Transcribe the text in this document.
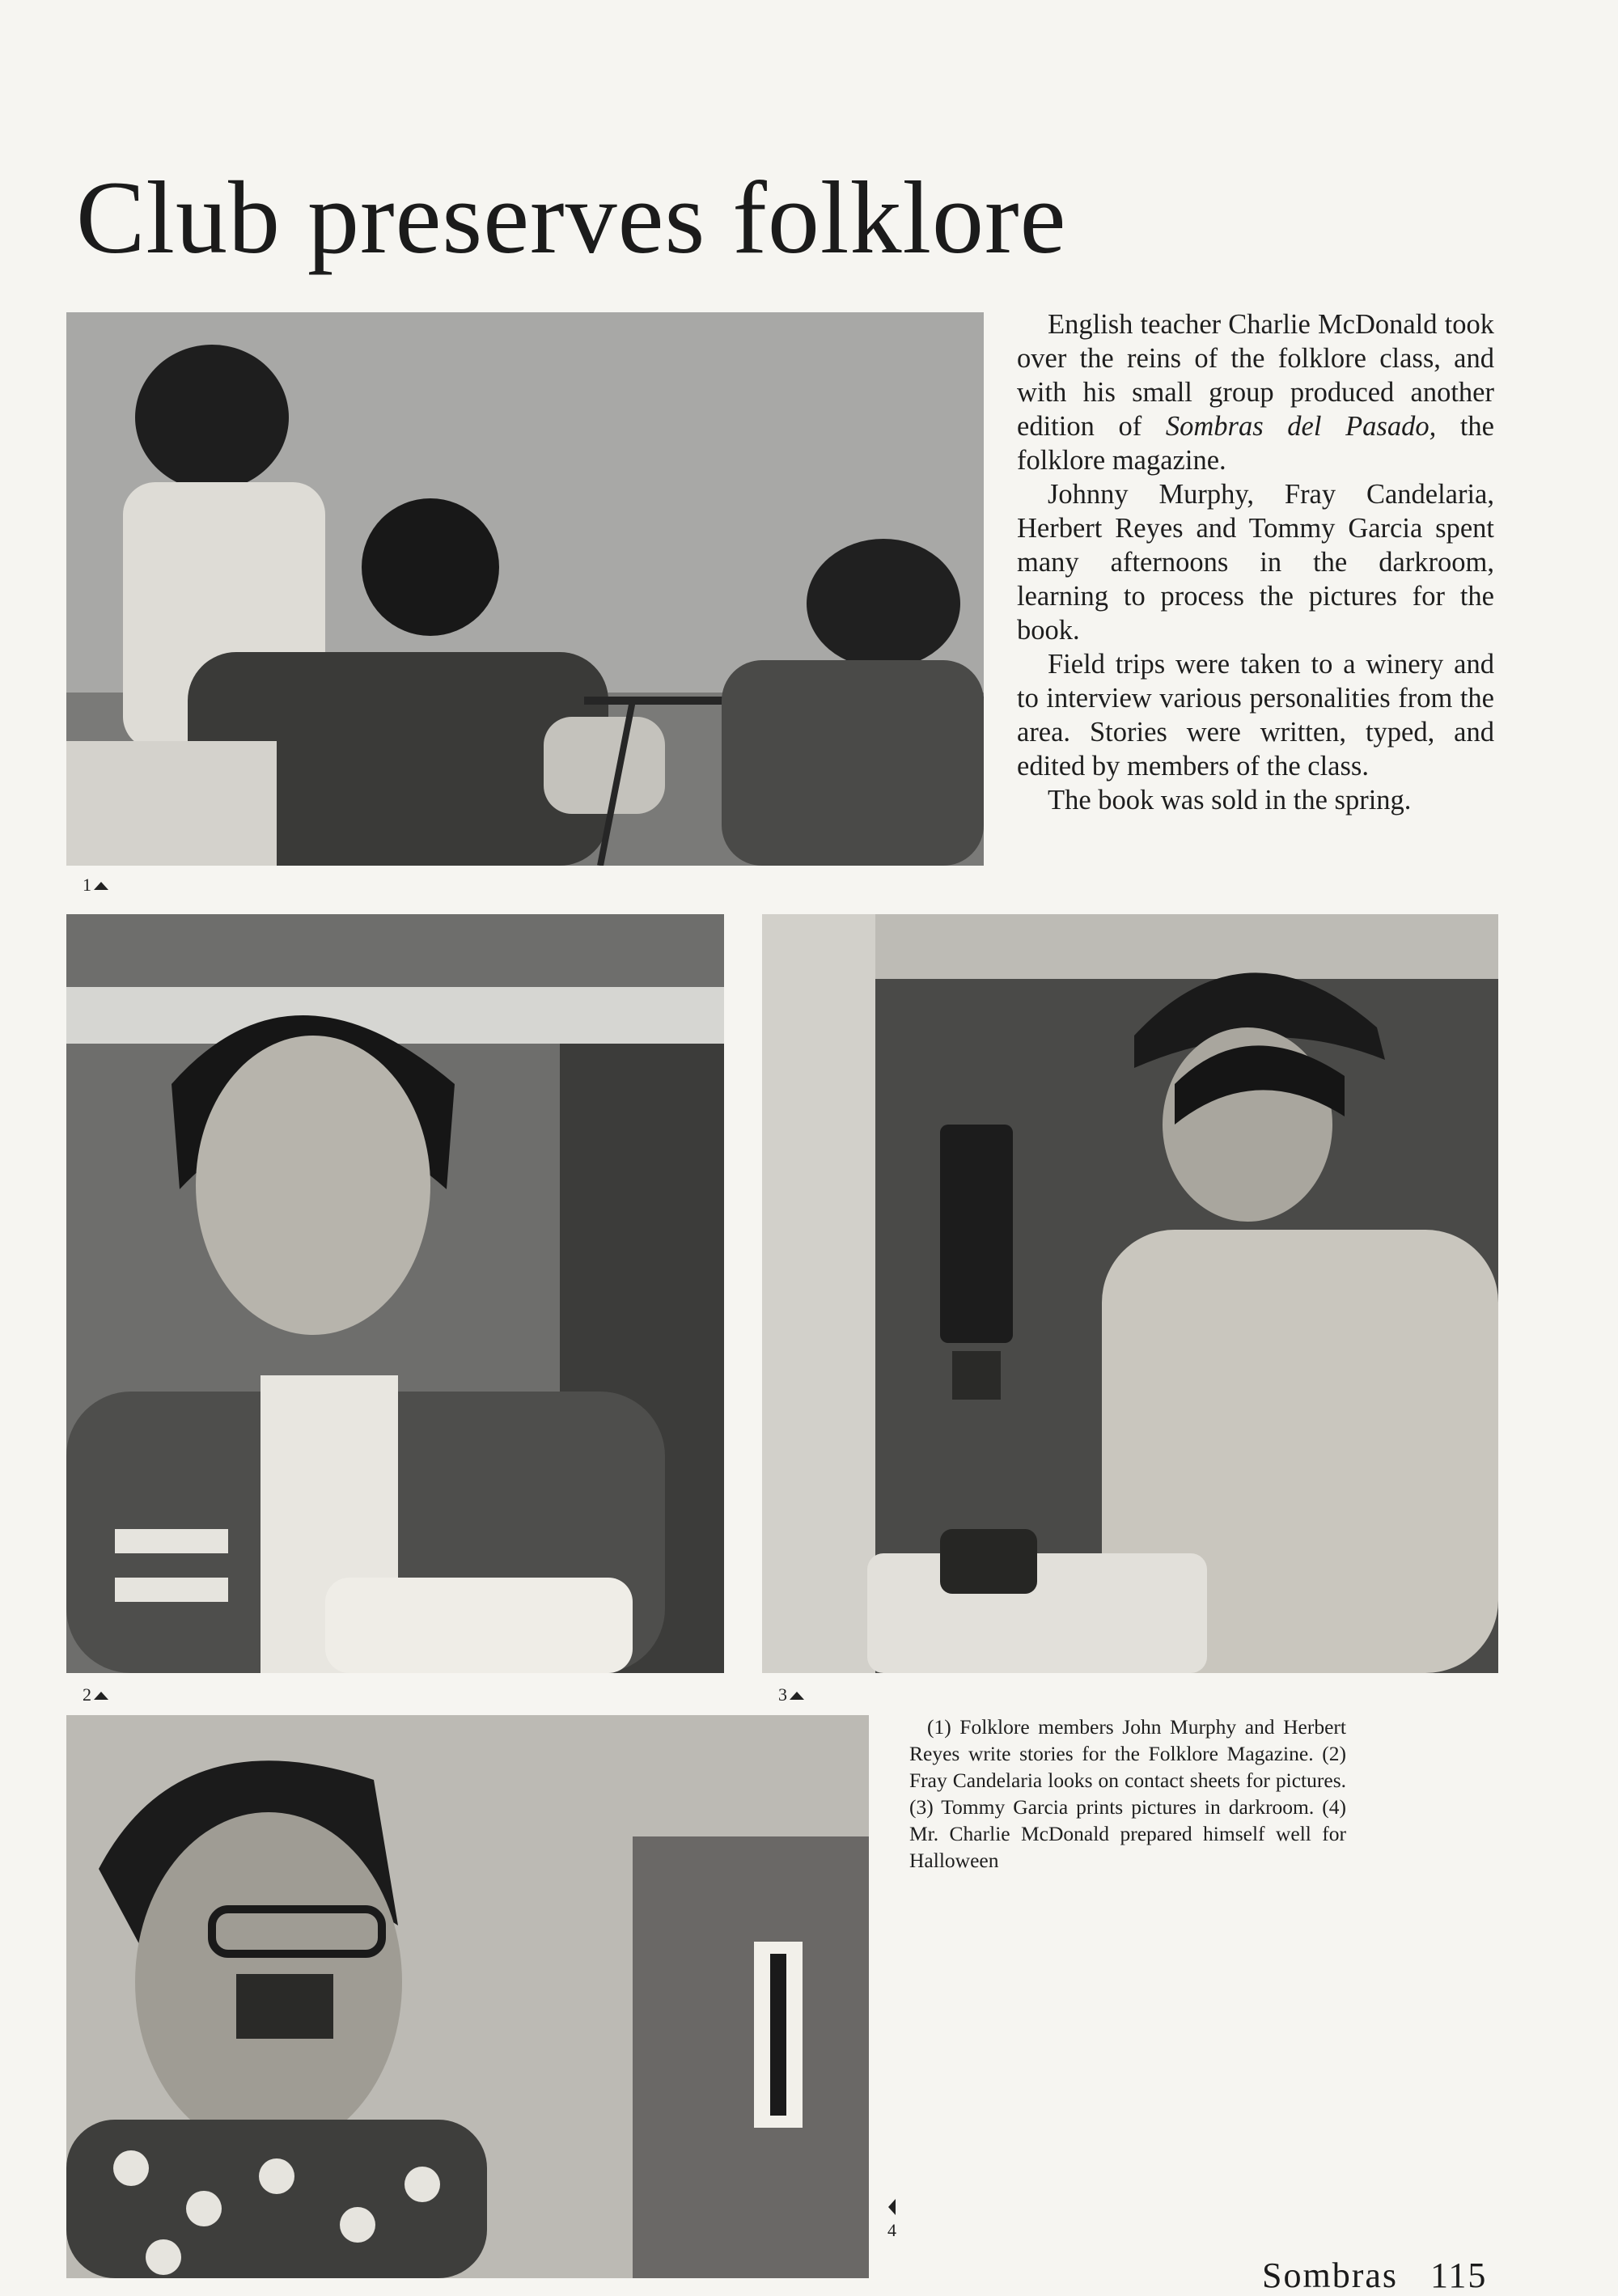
Club preserves folklore
1
2	3
4

English teacher Charlie McDonald took over the reins of the folklore class, and with his small group produced another edition of Sombras del Pasado, the folklore magazine.

Johnny Murphy, Fray Candelaria, Herbert Reyes and Tommy Garcia spent many afternoons in the darkroom, learning to process the pictures for the book.

Field trips were taken to a winery and to interview various personalities from the area. Stories were written, typed, and edited by members of the class.

The book was sold in the spring.

(1) Folklore members John Murphy and Herbert Reyes write stories for the Folklore Magazine. (2) Fray Candelaria looks on contact sheets for pictures. (3) Tommy Garcia prints pictures in darkroom. (4) Mr. Charlie McDonald prepared himself well for Halloween

Sombras 115
